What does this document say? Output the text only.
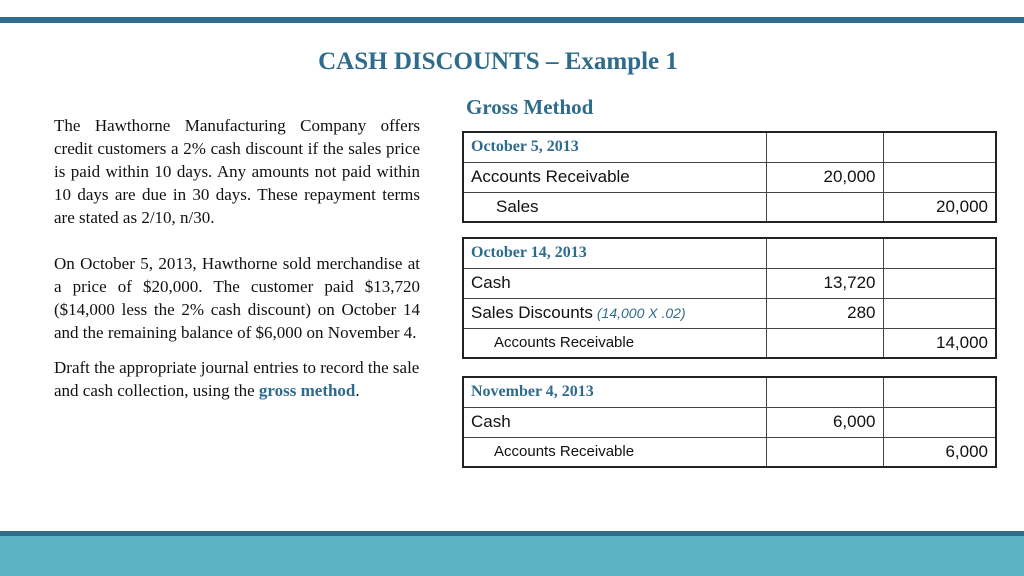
CASH DISCOUNTS – Example 1
Gross Method

The Hawthorne Manufacturing Company offers credit customers a 2% cash discount if the sales price is paid within 10 days. Any amounts not paid within 10 days are due in 30 days. These repayment terms are stated as 2/10, n/30.

On October 5, 2013, Hawthorne sold merchandise at a price of $20,000. The customer paid $13,720 ($14,000 less the 2% cash discount) on October 14 and the remaining balance of $6,000 on November 4.

Draft the appropriate journal entries to record the sale and cash collection, using the gross method.

October 5, 2013		
Accounts Receivable	20,000	
Sales		20,000
October 14, 2013		
Cash	13,720	
Sales Discounts (14,000 X .02)	280	
Accounts Receivable		14,000
November 4, 2013		
Cash	6,000	
Accounts Receivable		6,000
